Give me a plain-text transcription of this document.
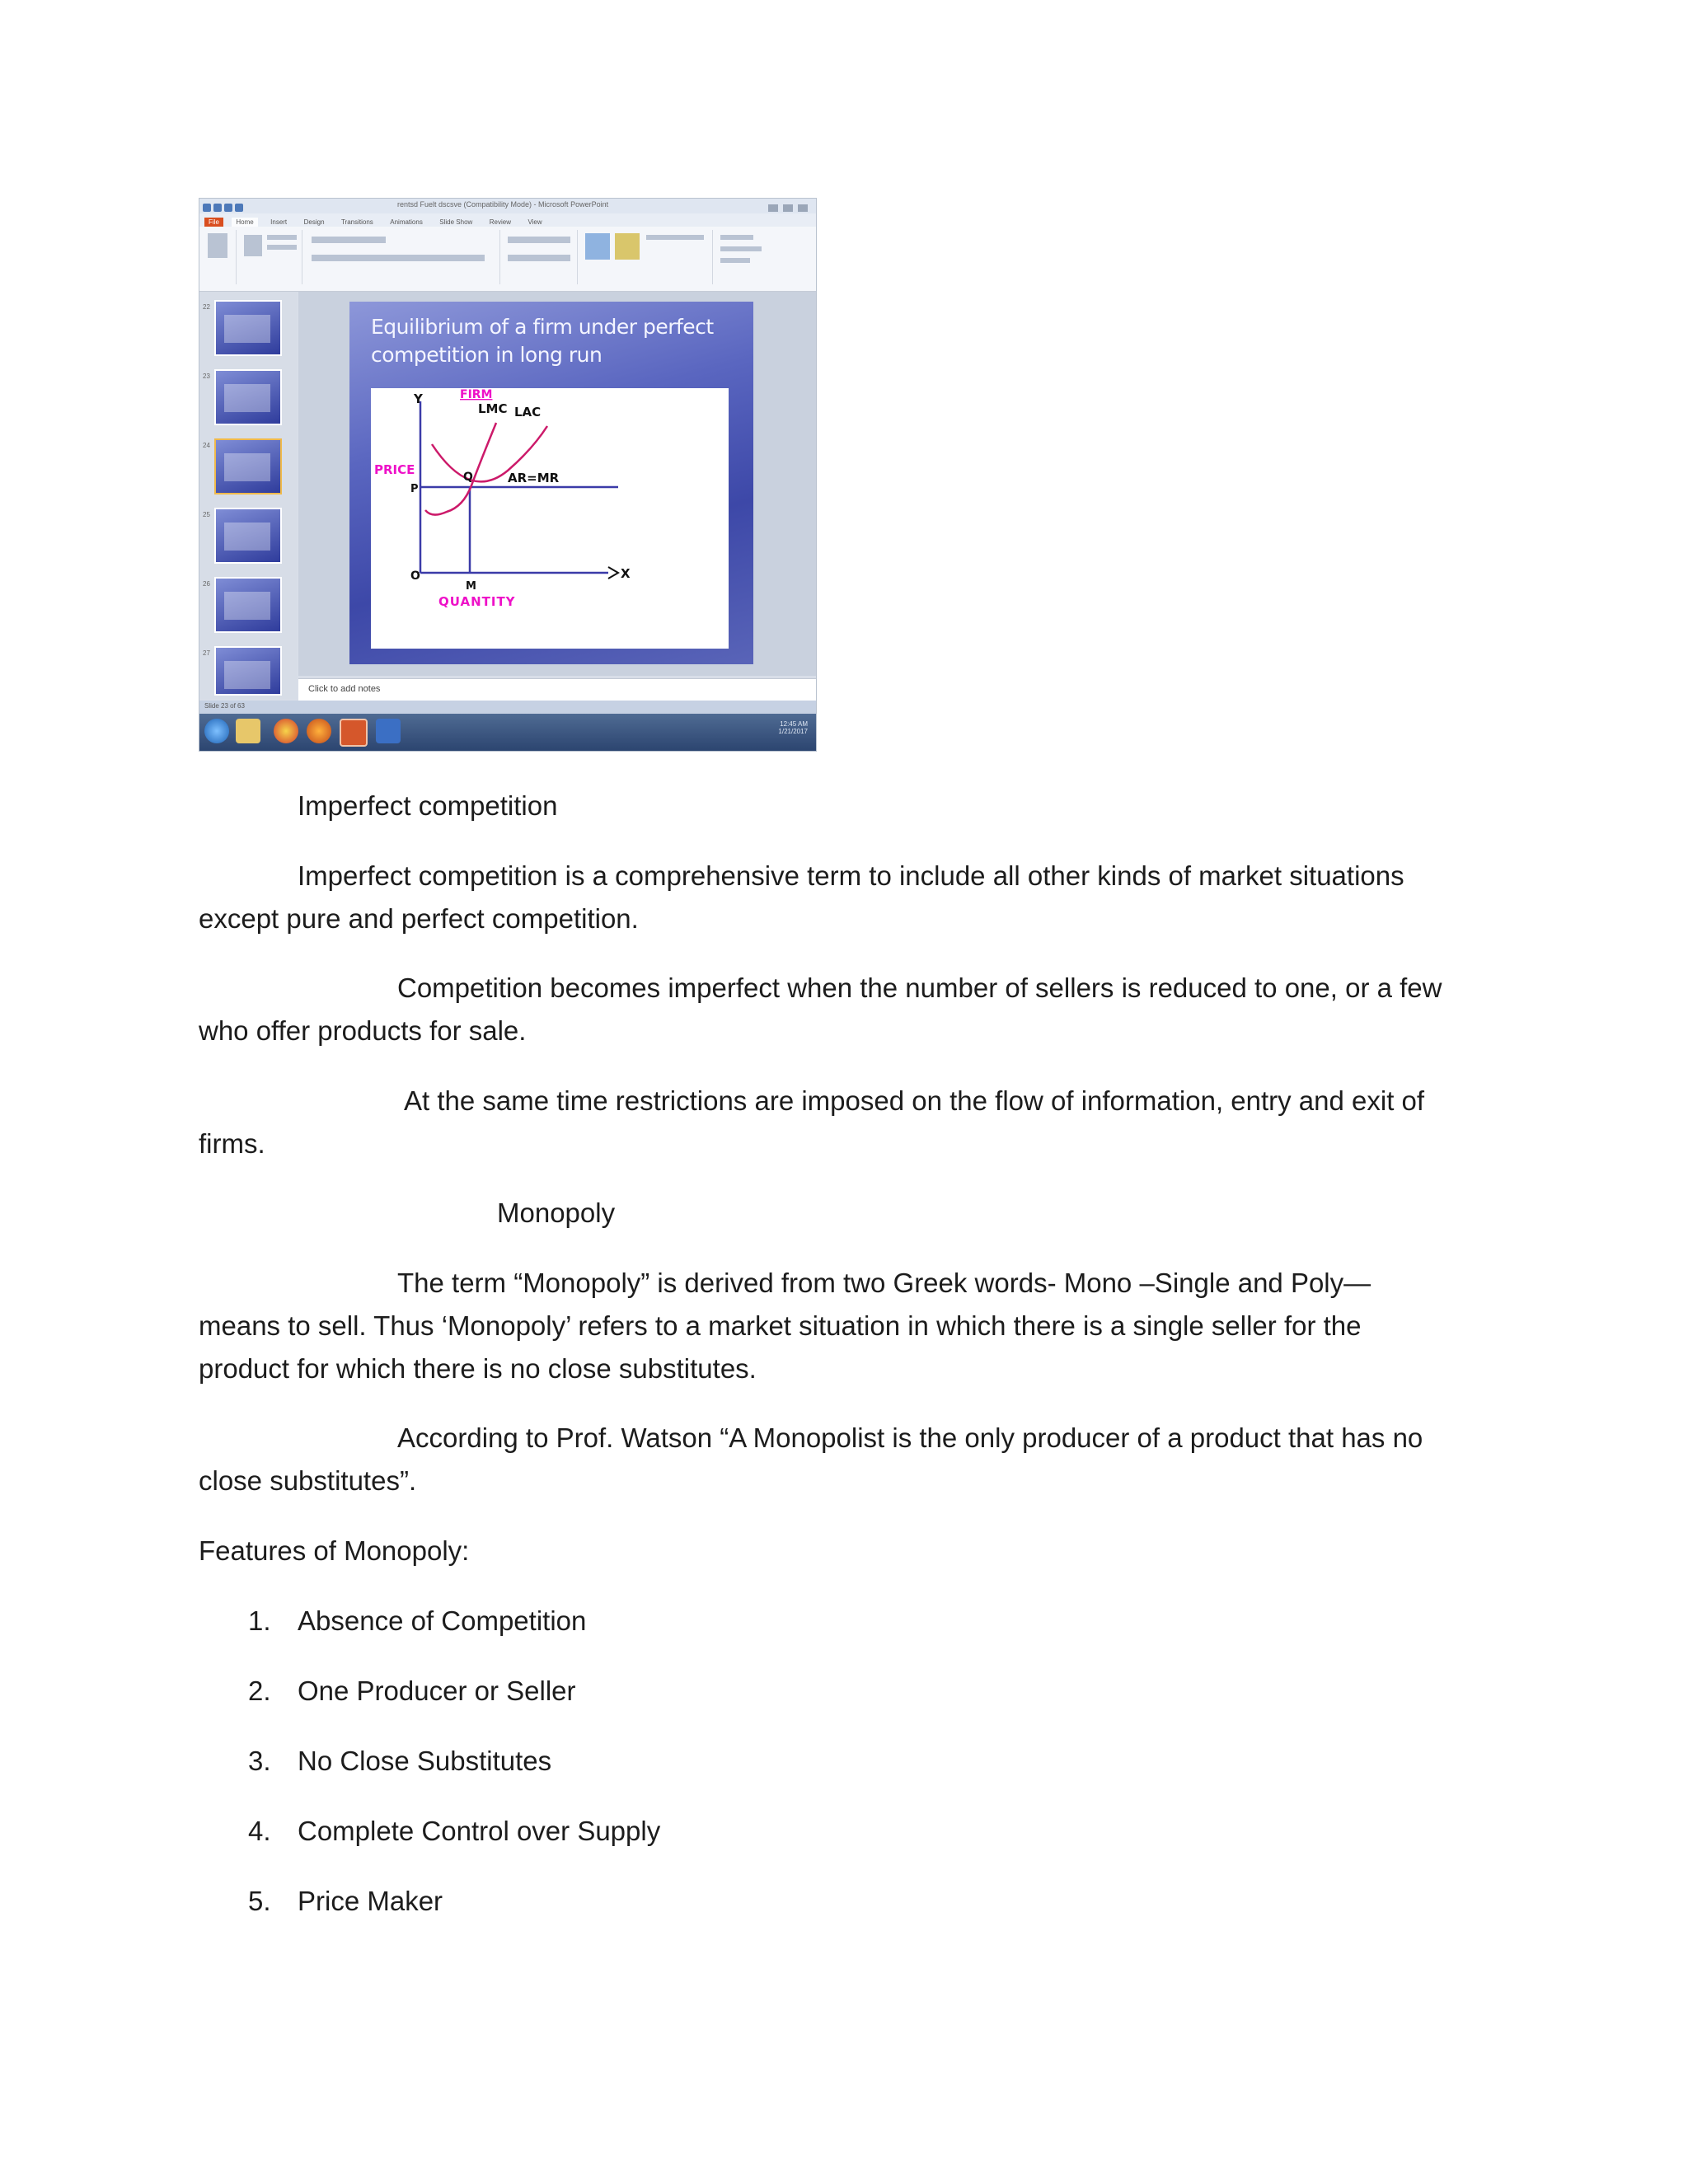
rentsd Fuelt dscsve (Compatibility Mode) - Microsoft PowerPoint
File	Home	Insert	Design	Transitions	Animations	Slide Show	Review	View
22
23
24
25
26
27
Equilibrium of a firm under perfect
competition in long run
Y
X
O
P
Q
M
FIRM
PRICE
QUANTITY
LMC LAC
AR=MR
Click to add notes
Slide 23 of 63
12:45 AM
1/21/2017
Imperfect competition
Imperfect competition is a comprehensive term to include all other kinds of market situations
except pure and perfect competition.
Competition becomes imperfect when the number of sellers is reduced to one, or a few
who offer products for sale.
At the same time restrictions are imposed on the flow of information, entry and exit of
firms.
Monopoly
The term “Monopoly” is derived from two Greek words- Mono –Single and Poly—
means to sell. Thus ‘Monopoly’ refers to a market situation in which there is a single seller for the
product for which there is no close substitutes.
According to Prof. Watson “A Monopolist is the only producer of a product that has no
close substitutes”.
Features of Monopoly:
1. Absence of Competition
2. One Producer or Seller
3. No Close Substitutes
4. Complete Control over Supply
5. Price Maker
